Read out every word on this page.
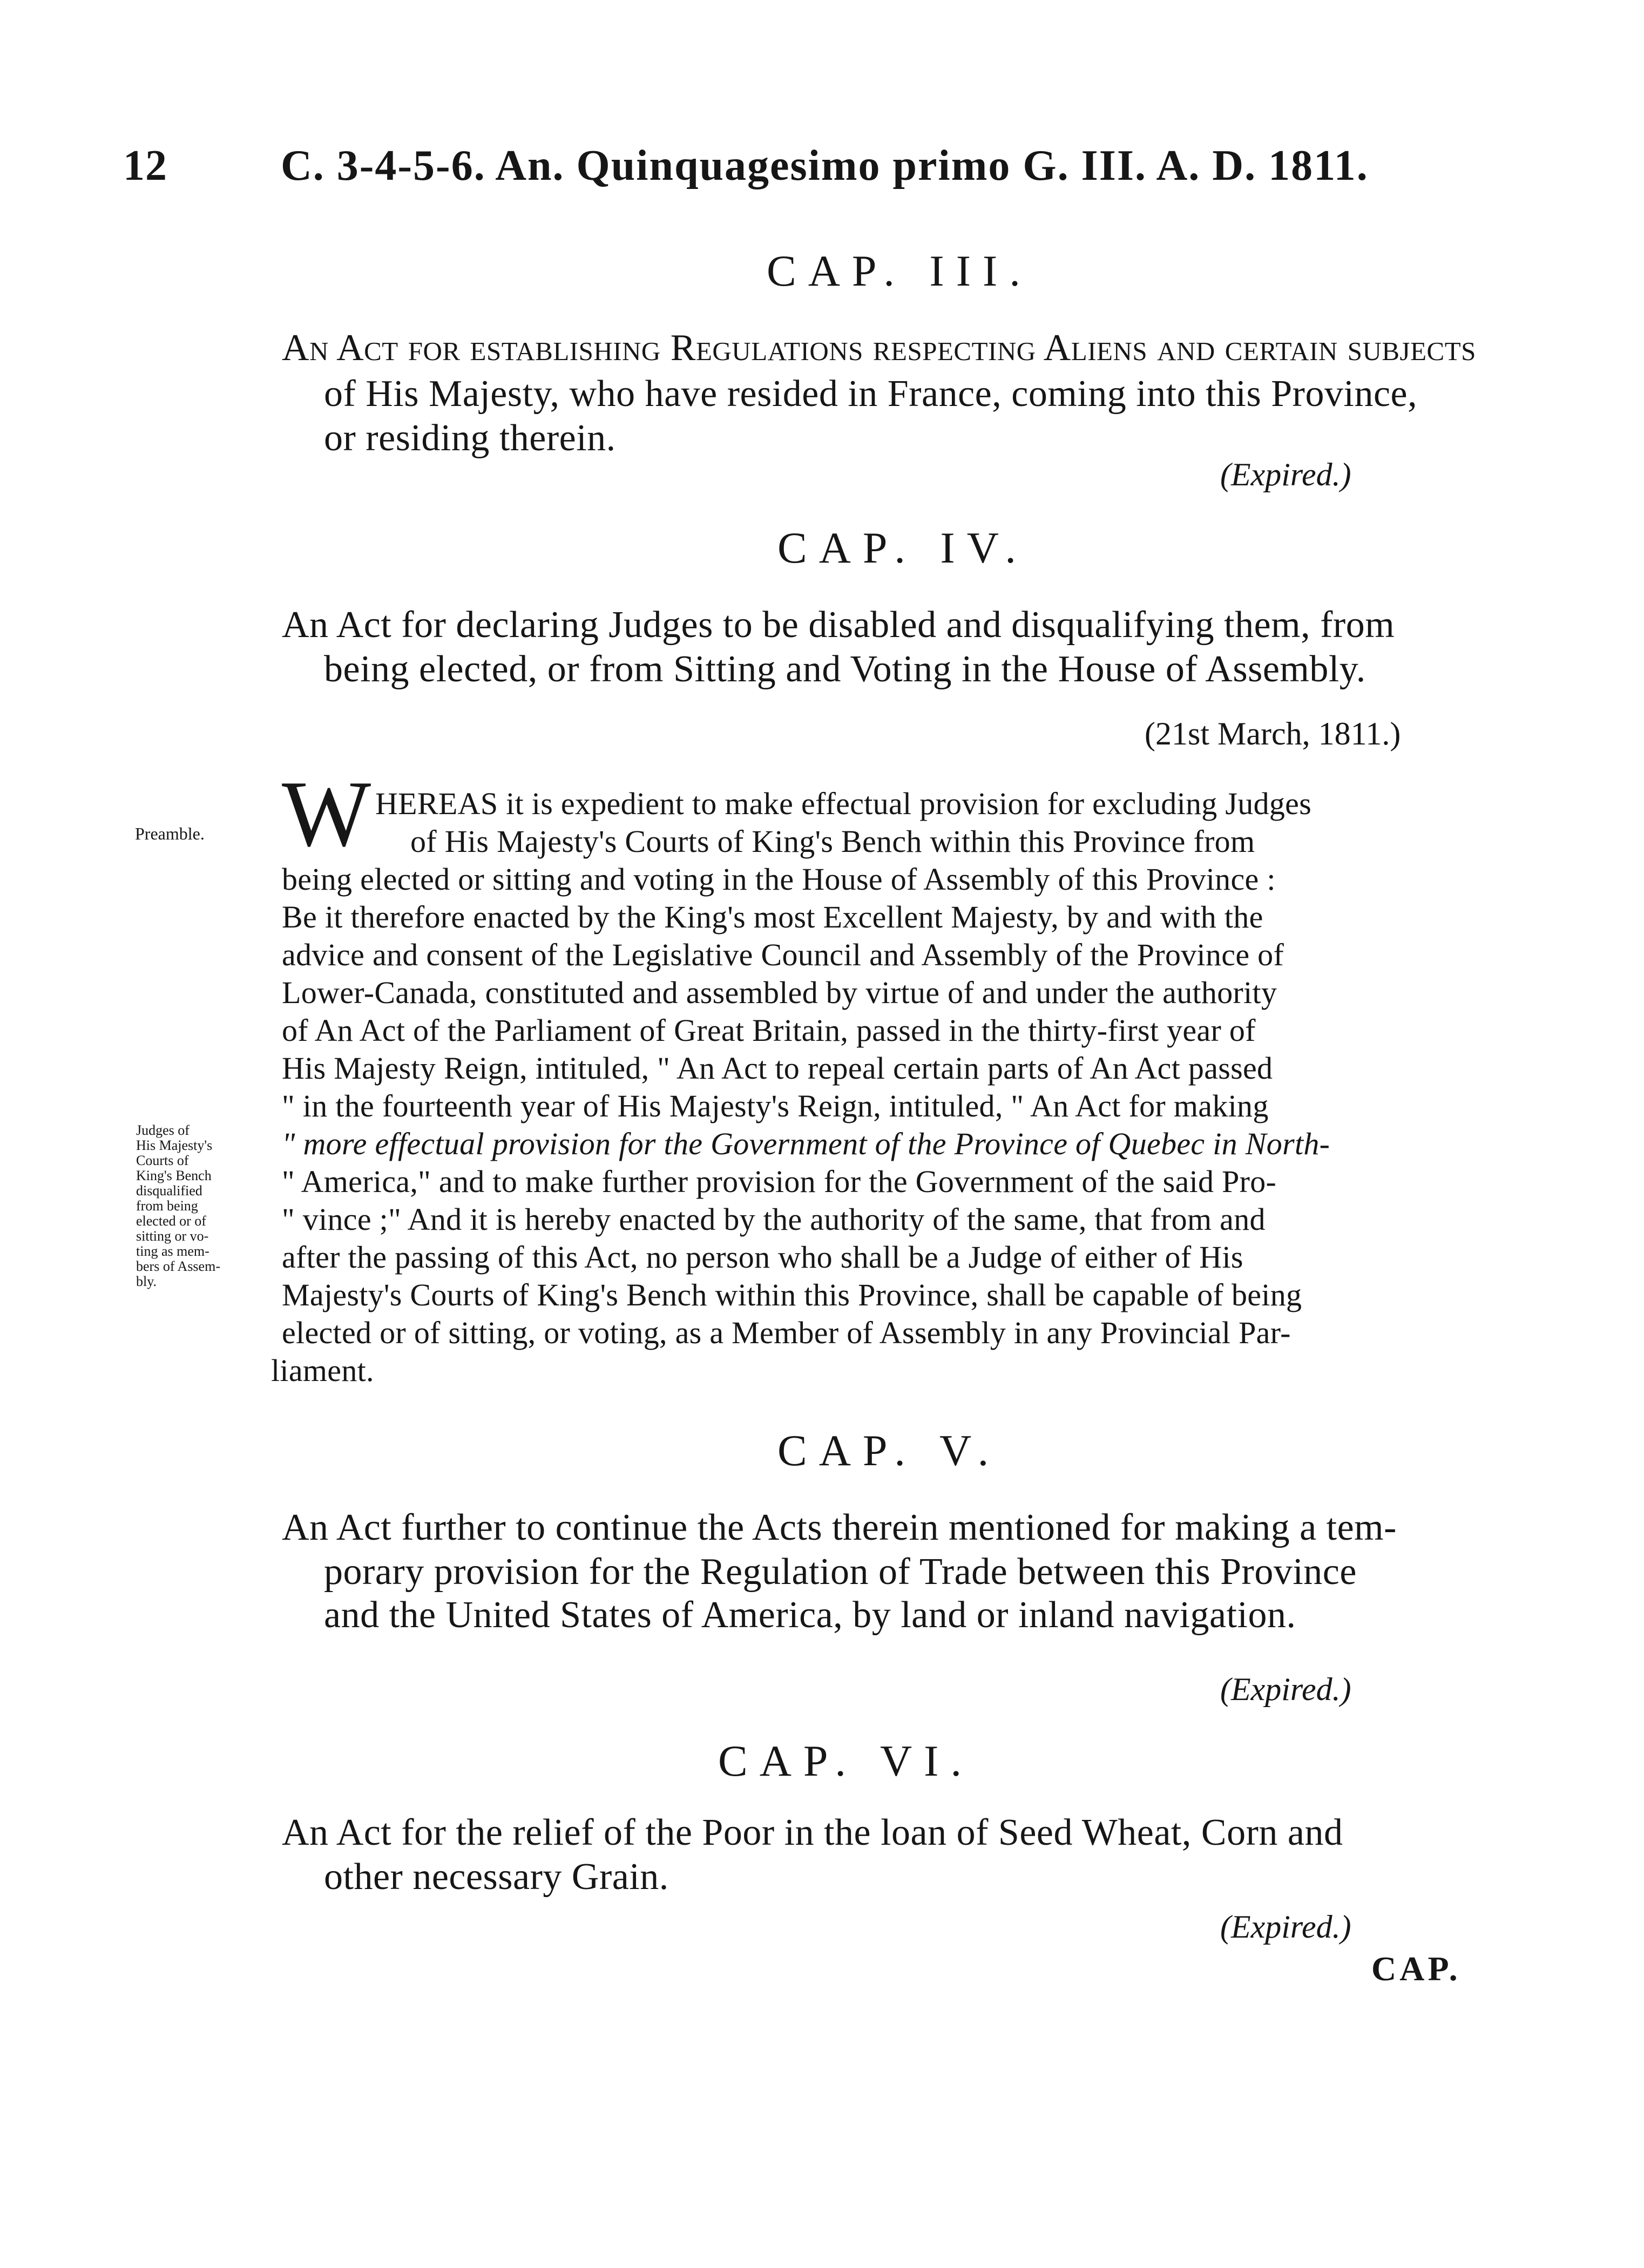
12	C. 3-4-5-6. An. Quinquagesimo primo G. III. A. D. 1811.
CAP. III.
An Act for establishing Regulations respecting Aliens and certain subjects
of His Majesty, who have resided in France, coming into this Province,
or residing therein.
(Expired.)
CAP. IV.
An Act for declaring Judges to be disabled and disqualifying them, from
being elected, or from Sitting and Voting in the House of Assembly.
(21st March, 1811.)
Preamble.
Judges of
His Majesty's
Courts of
King's Bench
disqualified
from being
elected or of
sitting or vo-
ting as mem-
bers of Assem-
bly.
W HEREAS it is expedient to make effectual provision for excluding Judges
of His Majesty's Courts of King's Bench within this Province from
being elected or sitting and voting in the House of Assembly of this Province :
Be it therefore enacted by the King's most Excellent Majesty, by and with the
advice and consent of the Legislative Council and Assembly of the Province of
Lower-Canada, constituted and assembled by virtue of and under the authority
of An Act of the Parliament of Great Britain, passed in the thirty-first year of
His Majesty Reign, intituled, " An Act to repeal certain parts of An Act passed
" in the fourteenth year of His Majesty's Reign, intituled, " An Act for making
" more effectual provision for the Government of the Province of Quebec in North-
" America," and to make further provision for the Government of the said Pro-
" vince ;" And it is hereby enacted by the authority of the same, that from and
after the passing of this Act, no person who shall be a Judge of either of His
Majesty's Courts of King's Bench within this Province, shall be capable of being
elected or of sitting, or voting, as a Member of Assembly in any Provincial Par-
liament.
CAP. V.
An Act further to continue the Acts therein mentioned for making a tem-
porary provision for the Regulation of Trade between this Province
and the United States of America, by land or inland navigation.
(Expired.)
CAP. VI.
An Act for the relief of the Poor in the loan of Seed Wheat, Corn and
other necessary Grain.
(Expired.)
CAP.
